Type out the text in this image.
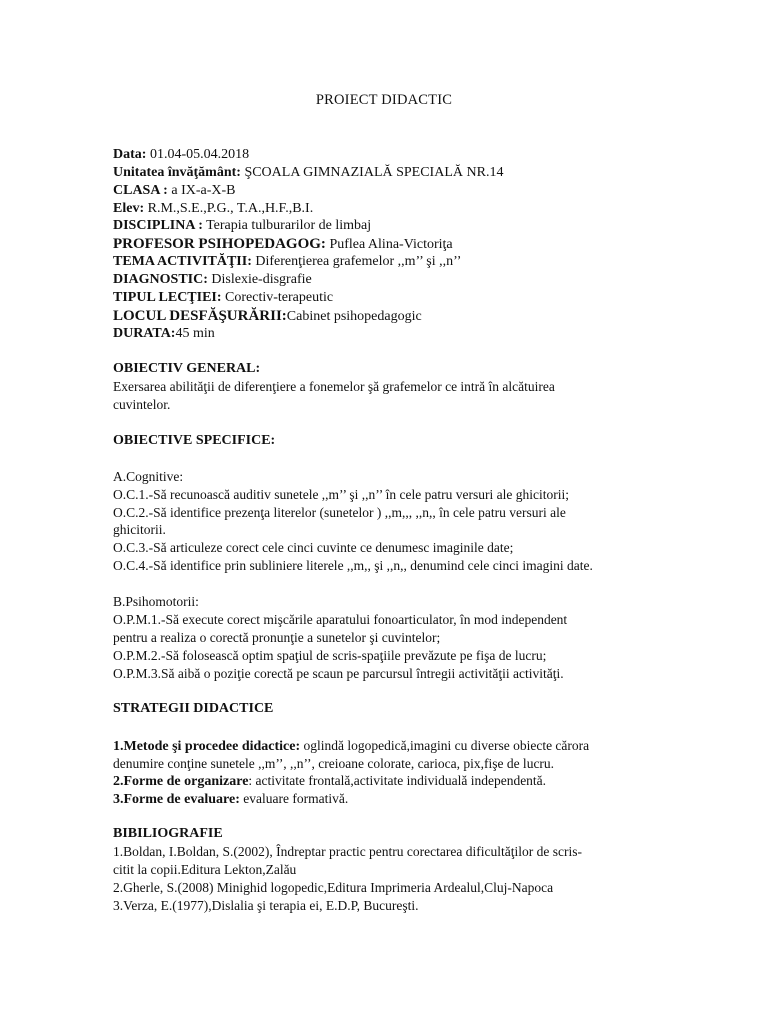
PROIECT DIDACTIC
Data: 01.04-05.04.2018
Unitatea învăţământ: ŞCOALA GIMNAZIALĂ SPECIALĂ NR.14
CLASA : a IX-a-X-B
Elev: R.M.,S.E.,P.G., T.A.,H.F.,B.I.
DISCIPLINA : Terapia tulburarilor de limbaj
PROFESOR PSIHOPEDAGOG: Puflea Alina-Victoriţa
TEMA ACTIVITĂŢII: Diferenţierea grafemelor ,,m’’ şi ,,n’’
DIAGNOSTIC: Dislexie-disgrafie
TIPUL LECŢIEI: Corectiv-terapeutic
LOCUL DESFĂŞURĂRII:Cabinet psihopedagogic
DURATA:45 min
OBIECTIV GENERAL:
Exersarea abilităţii de diferenţiere a fonemelor şă grafemelor ce intră în alcătuirea
cuvintelor.
OBIECTIVE SPECIFICE:
A.Cognitive:
O.C.1.-Să recunoască auditiv sunetele ,,m’’ şi ,,n’’ în cele patru versuri ale ghicitorii;
O.C.2.-Să identifice prezenţa literelor (sunetelor ) ,,m,,, ,,n,, în cele patru versuri ale
ghicitorii.
O.C.3.-Să articuleze corect cele cinci cuvinte ce denumesc imaginile date;
O.C.4.-Să identifice prin subliniere literele ,,m,, şi ,,n,, denumind cele cinci imagini date.
B.Psihomotorii:
O.P.M.1.-Să execute corect mişcările aparatului fonoarticulator, în mod independent
pentru a realiza o corectă pronunţie a sunetelor şi cuvintelor;
O.P.M.2.-Să folosească optim spaţiul de scris-spaţiile prevăzute pe fişa de lucru;
O.P.M.3.Să aibă o poziţie corectă pe scaun pe parcursul întregii activităţii activităţi.
STRATEGII DIDACTICE
1.Metode şi procedee didactice: oglindă logopedică,imagini cu diverse obiecte cărora
denumire conţine sunetele ,,m’’, ,,n’’, creioane colorate, carioca, pix,fişe de lucru.
2.Forme de organizare: activitate frontală,activitate individuală independentă.
3.Forme de evaluare: evaluare formativă.
BIBILIOGRAFIE
1.Boldan, I.Boldan, S.(2002), Îndreptar practic pentru corectarea dificultăţilor de scris-
citit la copii.Editura Lekton,Zalău
2.Gherle, S.(2008) Minighid logopedic,Editura Imprimeria Ardealul,Cluj-Napoca
3.Verza, E.(1977),Dislalia şi terapia ei, E.D.P, Bucureşti.
